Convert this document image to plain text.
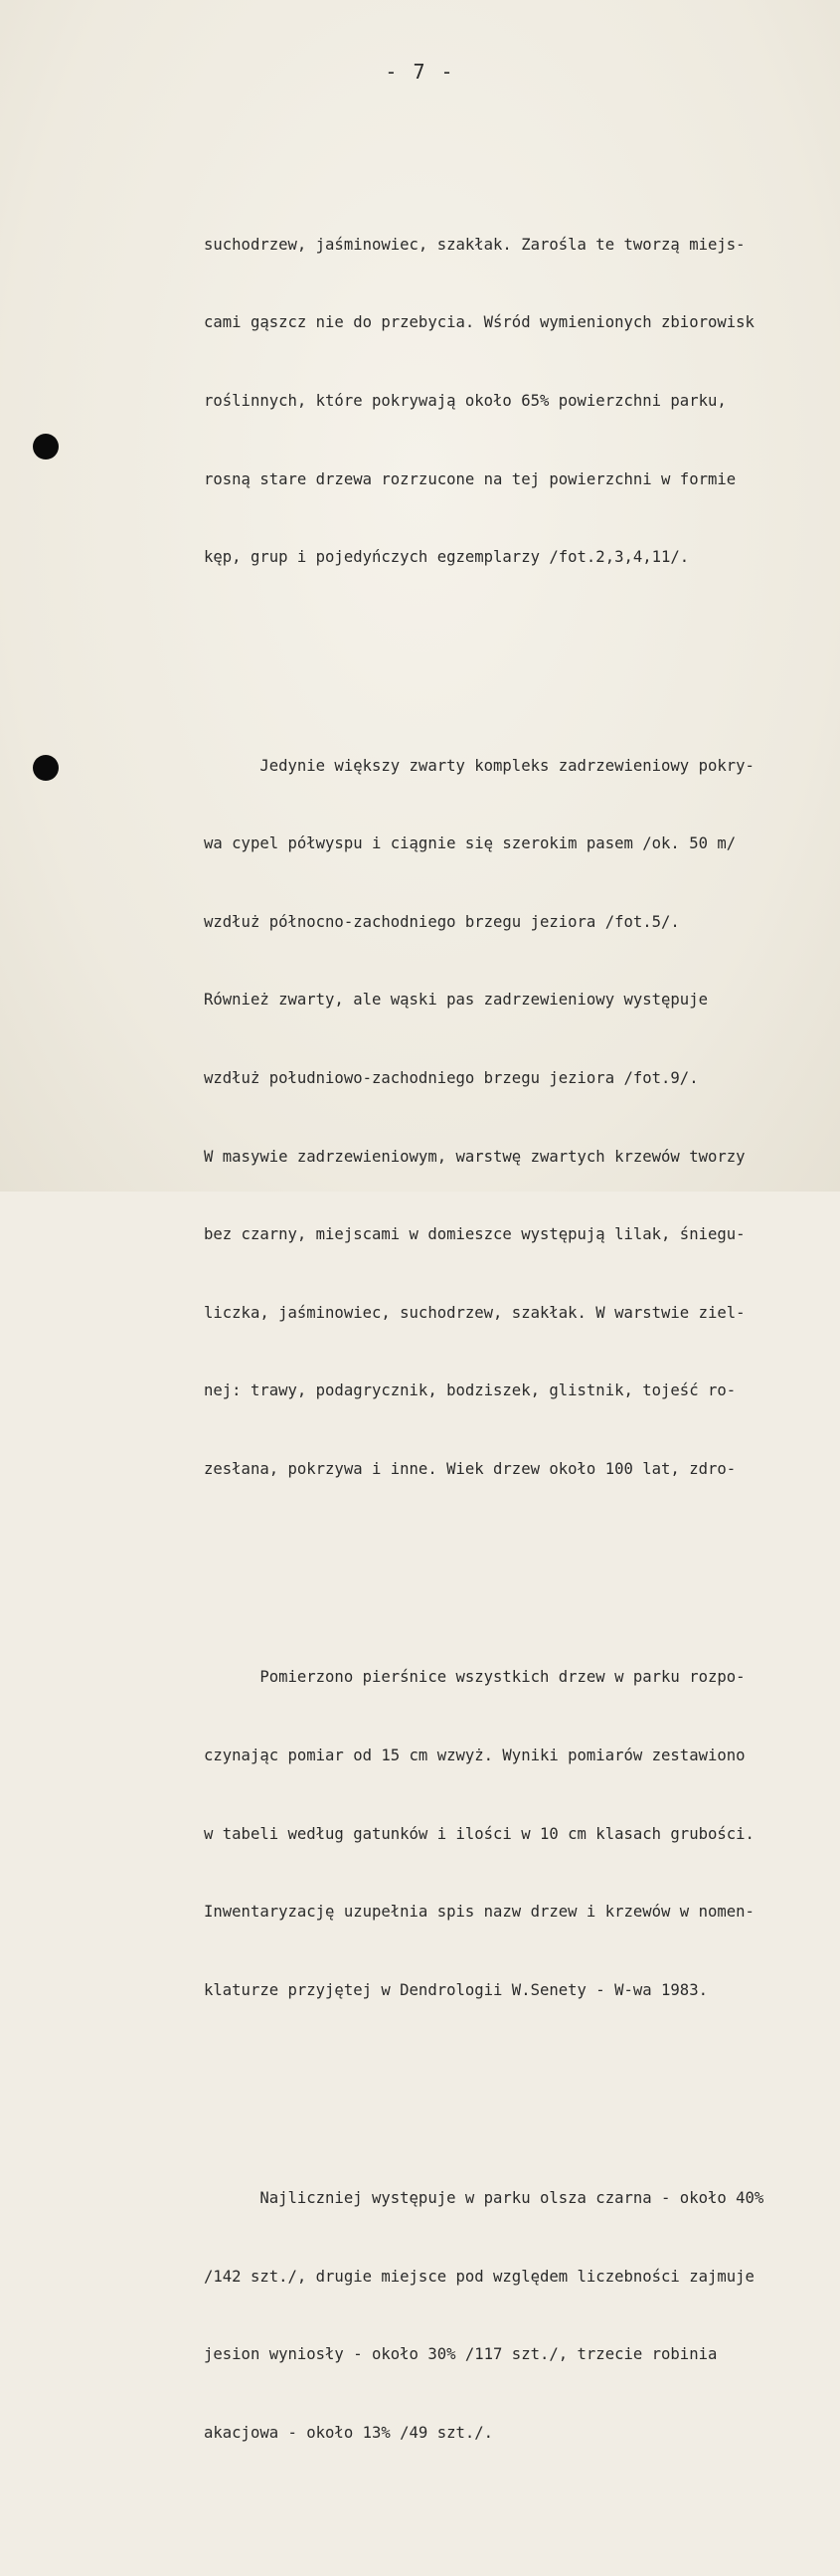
- 7 -

suchodrzew, jaśminowiec, szakłak. Zarośla te tworzą miejs-

cami gąszcz nie do przebycia. Wśród wymienionych zbiorowisk

roślinnych, które pokrywają około 65% powierzchni parku,

rosną stare drzewa rozrzucone na tej powierzchni w formie

kęp, grup i pojedyńczych egzemplarzy /fot.2,3,4,11/.

Jedynie większy zwarty kompleks zadrzewieniowy pokry-

wa cypel półwyspu i ciągnie się szerokim pasem /ok. 50 m/

wzdłuż północno-zachodniego brzegu jeziora /fot.5/.

Również zwarty, ale wąski pas zadrzewieniowy występuje

wzdłuż południowo-zachodniego brzegu jeziora /fot.9/.

W masywie zadrzewieniowym, warstwę zwartych krzewów tworzy

bez czarny, miejscami w domieszce występują lilak, śniegu-

liczka, jaśminowiec, suchodrzew, szakłak. W warstwie ziel-

nej: trawy, podagrycznik, bodziszek, glistnik, tojeść ro-

zesłana, pokrzywa i inne. Wiek drzew około 100 lat, zdro-

Pomierzono pierśnice wszystkich drzew w parku rozpo-

czynając pomiar od 15 cm wzwyż. Wyniki pomiarów zestawiono

w tabeli według gatunków i ilości w 10 cm klasach grubości.

Inwentaryzację uzupełnia spis nazw drzew i krzewów w nomen-

klaturze przyjętej w Dendrologii W.Senety - W-wa 1983.

Najliczniej występuje w parku olsza czarna - około 40%

/142 szt./, drugie miejsce pod względem liczebności zajmuje

jesion wyniosły - około 30% /117 szt./, trzecie robinia

akacjowa - około 13% /49 szt./.
